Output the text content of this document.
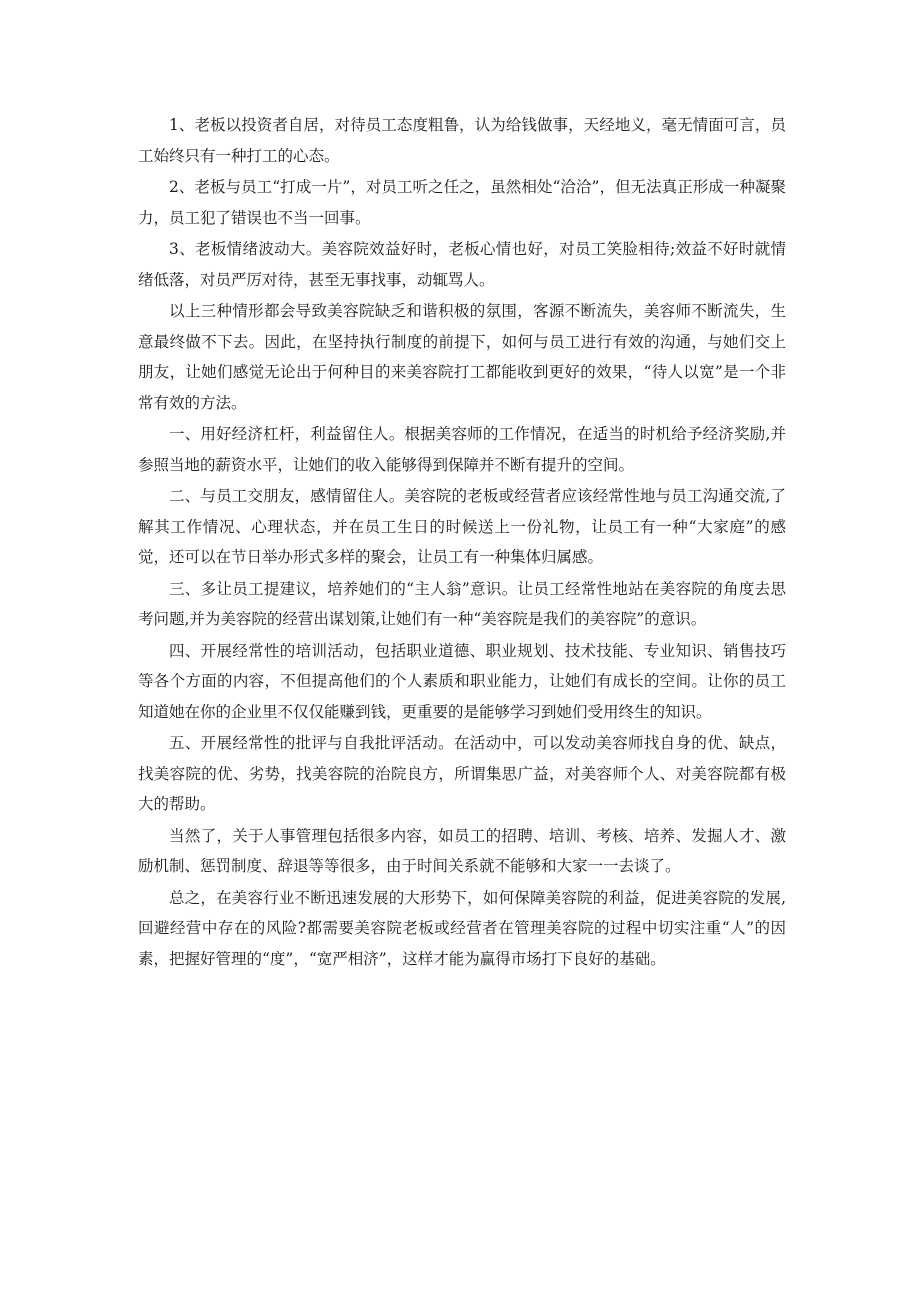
1、老板以投资者自居，对待员工态度粗鲁，认为给钱做事，天经地义，毫无情面可言，员工始终只有一种打工的心态。

2、老板与员工“打成一片”，对员工听之任之，虽然相处“洽洽”，但无法真正形成一种凝聚力，员工犯了错误也不当一回事。

3、老板情绪波动大。美容院效益好时，老板心情也好，对员工笑脸相待;效益不好时就情绪低落，对员严厉对待，甚至无事找事，动辄骂人。

以上三种情形都会导致美容院缺乏和谐积极的氛围，客源不断流失，美容师不断流失，生意最终做不下去。因此，在坚持执行制度的前提下，如何与员工进行有效的沟通，与她们交上朋友，让她们感觉无论出于何种目的来美容院打工都能收到更好的效果，“待人以宽”是一个非常有效的方法。

一、用好经济杠杆，利益留住人。根据美容师的工作情况，在适当的时机给予经济奖励,并参照当地的薪资水平，让她们的收入能够得到保障并不断有提升的空间。

二、与员工交朋友，感情留住人。美容院的老板或经营者应该经常性地与员工沟通交流,了解其工作情况、心理状态，并在员工生日的时候送上一份礼物，让员工有一种“大家庭”的感觉，还可以在节日举办形式多样的聚会，让员工有一种集体归属感。

三、多让员工提建议，培养她们的“主人翁”意识。让员工经常性地站在美容院的角度去思考问题,并为美容院的经营出谋划策,让她们有一种“美容院是我们的美容院”的意识。

四、开展经常性的培训活动，包括职业道德、职业规划、技术技能、专业知识、销售技巧等各个方面的内容，不但提高他们的个人素质和职业能力，让她们有成长的空间。让你的员工知道她在你的企业里不仅仅能赚到钱，更重要的是能够学习到她们受用终生的知识。

五、开展经常性的批评与自我批评活动。在活动中，可以发动美容师找自身的优、缺点，找美容院的优、劣势，找美容院的治院良方，所谓集思广益，对美容师个人、对美容院都有极大的帮助。

当然了，关于人事管理包括很多内容，如员工的招聘、培训、考核、培养、发掘人才、激励机制、惩罚制度、辞退等等很多，由于时间关系就不能够和大家一一去谈了。

总之，在美容行业不断迅速发展的大形势下，如何保障美容院的利益，促进美容院的发展,回避经营中存在的风险?都需要美容院老板或经营者在管理美容院的过程中切实注重“人”的因素，把握好管理的“度”，“宽严相济”，这样才能为赢得市场打下良好的基础。
